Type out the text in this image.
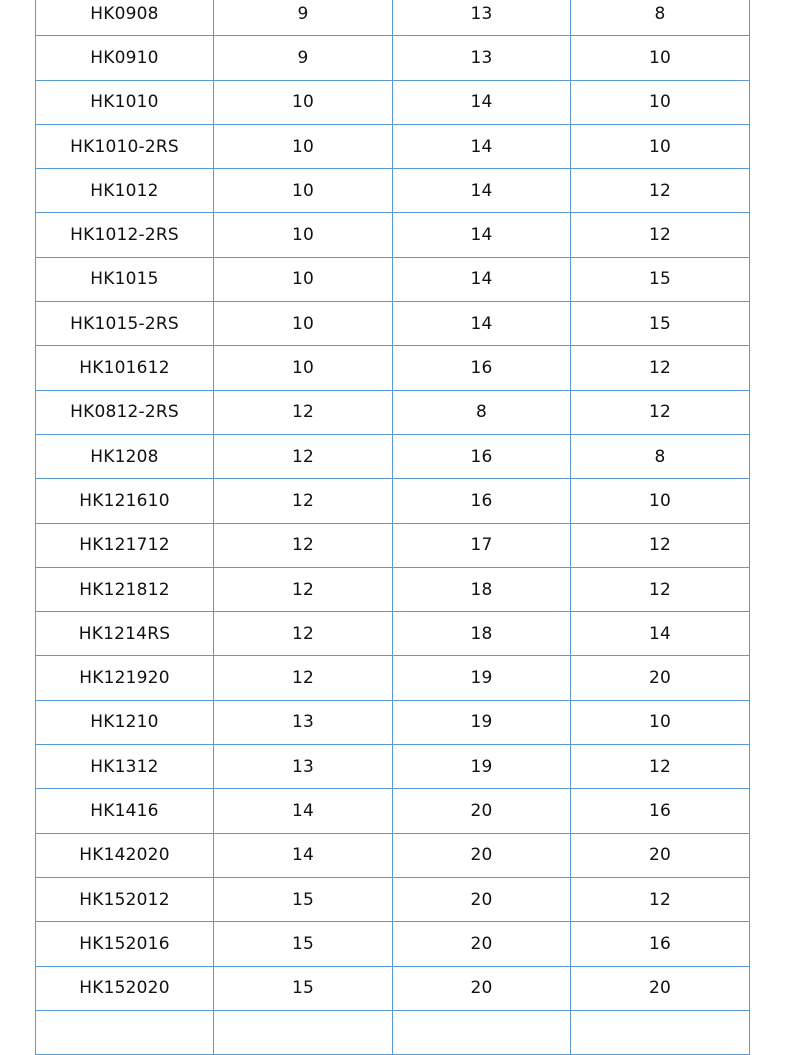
HK0908	9	13	8
HK0910	9	13	10
HK1010	10	14	10
HK1010-2RS	10	14	10
HK1012	10	14	12
HK1012-2RS	10	14	12
HK1015	10	14	15
HK1015-2RS	10	14	15
HK101612	10	16	12
HK0812-2RS	12	8	12
HK1208	12	16	8
HK121610	12	16	10
HK121712	12	17	12
HK121812	12	18	12
HK1214RS	12	18	14
HK121920	12	19	20
HK1210	13	19	10
HK1312	13	19	12
HK1416	14	20	16
HK142020	14	20	20
HK152012	15	20	12
HK152016	15	20	16
HK152020	15	20	20
